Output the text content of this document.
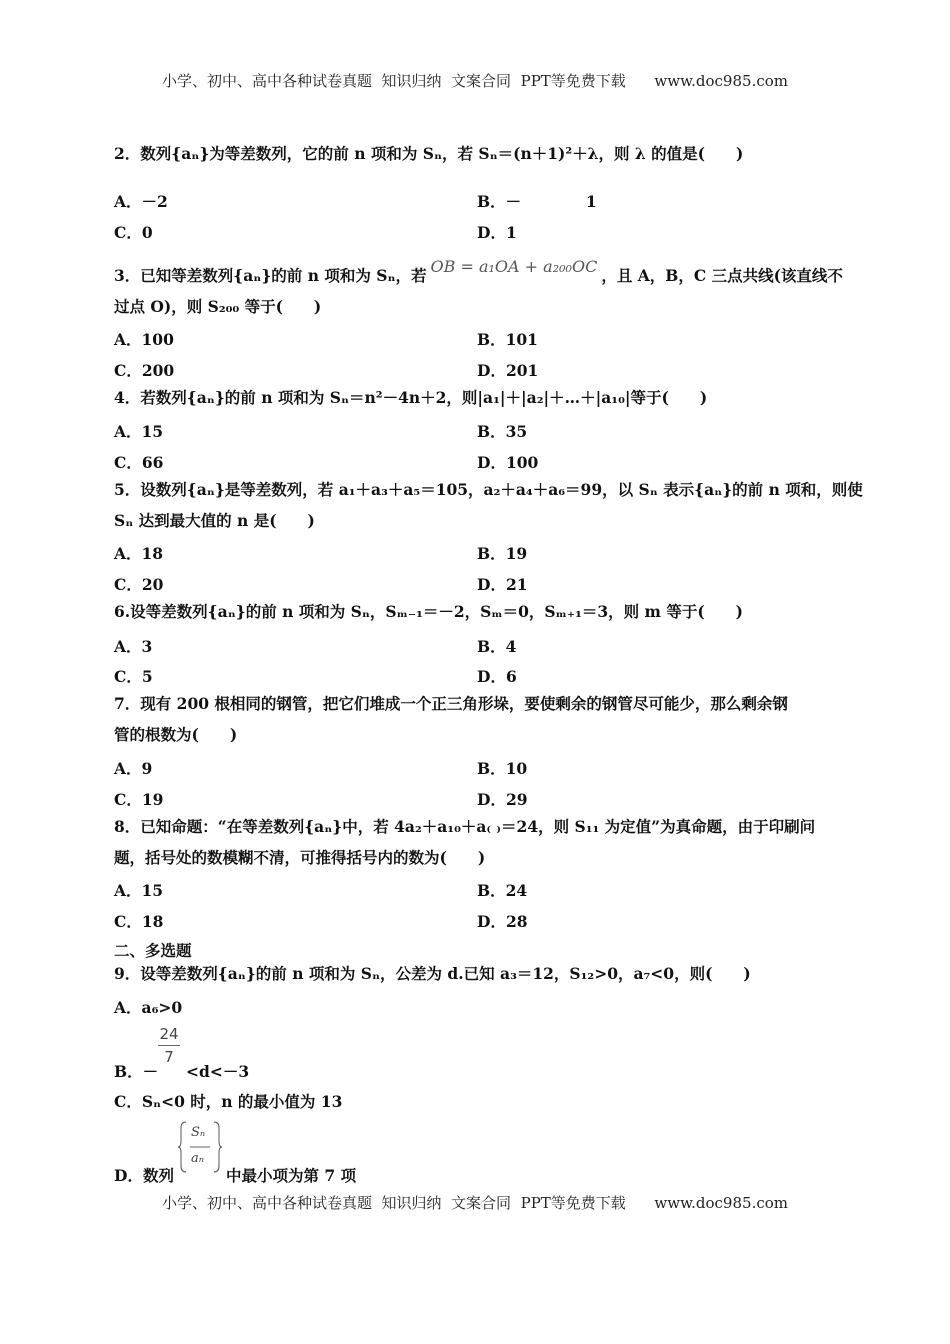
小学、初中、高中各种试卷真题  知识归纳  文案合同  PPT等免费下载      www.doc985.com
2．数列{aₙ}为等差数列，它的前 n 项和为 Sₙ，若 Sₙ＝(n＋1)²＋λ，则 λ 的值是(　　)
A．－2	B．－            1
C．0	D．1
3．已知等差数列{aₙ}的前 n 项和为 Sₙ，若 OB = a₁OA + a₂₀₀OC ，且 A，B，C 三点共线(该直线不
过点 O)，则 S₂₀₀ 等于(　　)
A．100	B．101
C．200	D．201
4．若数列{aₙ}的前 n 项和为 Sₙ＝n²－4n＋2，则|a₁|＋|a₂|＋…＋|a₁₀|等于(　　)
A．15	B．35
C．66	D．100
5．设数列{aₙ}是等差数列，若 a₁＋a₃＋a₅＝105，a₂＋a₄＋a₆＝99，以 Sₙ 表示{aₙ}的前 n 项和，则使
Sₙ 达到最大值的 n 是(　　)
A．18	B．19
C．20	D．21
6.设等差数列{aₙ}的前 n 项和为 Sₙ，Sₘ₋₁＝－2，Sₘ＝0，Sₘ₊₁＝3，则 m 等于(　　)
A．3	B．4
C．5	D．6
7．现有 200 根相同的钢管，把它们堆成一个正三角形垛，要使剩余的钢管尽可能少，那么剩余钢
管的根数为(　　)
A．9	B．10
C．19	D．29
8．已知命题：“在等差数列{aₙ}中，若 4a₂＋a₁₀＋a₍ ₎＝24，则 S₁₁ 为定值”为真命题，由于印刷问
题，括号处的数模糊不清，可推得括号内的数为(　　)
A．15	B．24
C．18	D．28
二、多选题
9．设等差数列{aₙ}的前 n 项和为 Sₙ，公差为 d.已知 a₃＝12，S₁₂>0，a₇<0，则(　　)
A．a₆>0
24
7
B．－ <d<－3
C．Sₙ<0 时，n 的最小值为 13
Sₙ
aₙ
D．数列	中最小项为第 7 项
小学、初中、高中各种试卷真题  知识归纳  文案合同  PPT等免费下载      www.doc985.com
